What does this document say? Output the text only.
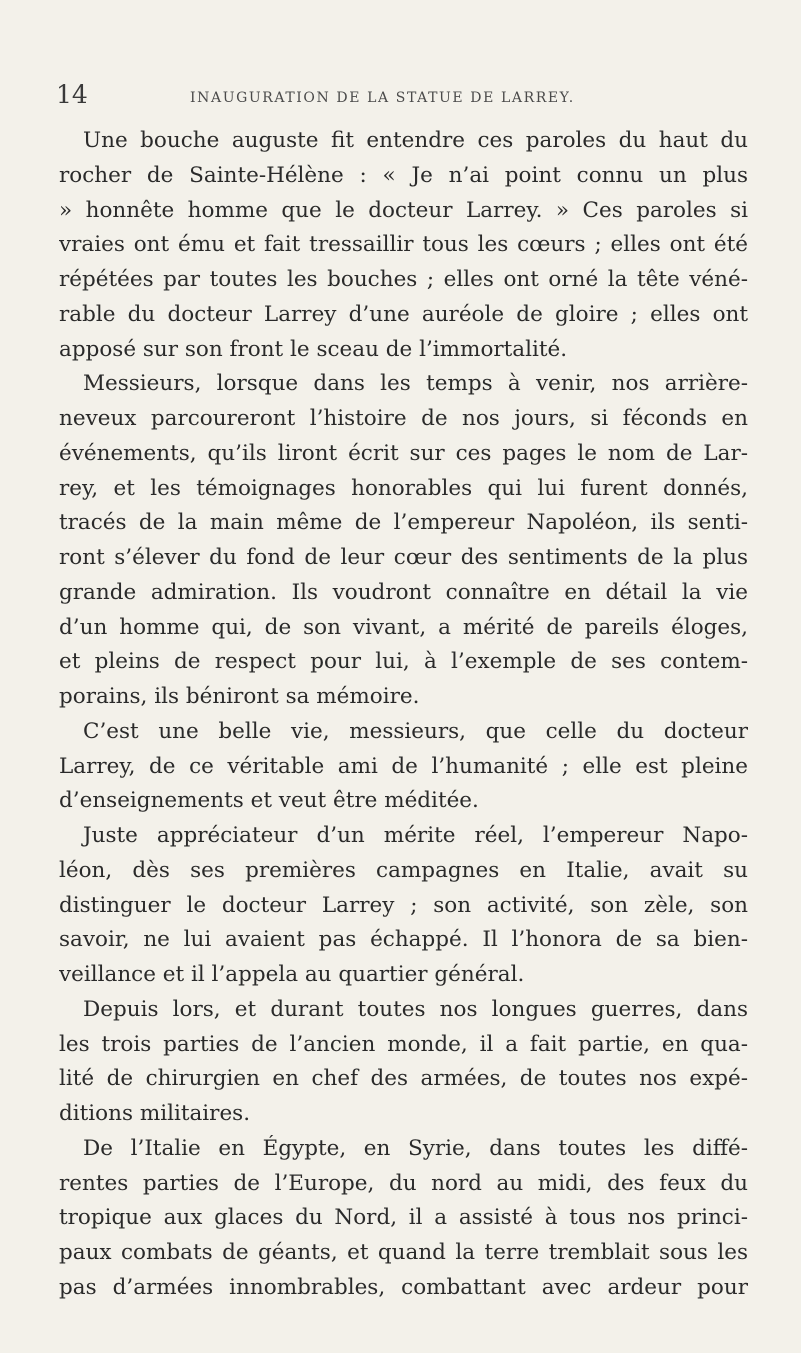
14	INAUGURATION DE LA STATUE DE LARREY.
Une bouche auguste fit entendre ces paroles du haut du
rocher de Sainte-Hélène : « Je n’ai point connu un plus
» honnête homme que le docteur Larrey. » Ces paroles si
vraies ont ému et fait tressaillir tous les cœurs ; elles ont été
répétées par toutes les bouches ; elles ont orné la tête véné-
rable du docteur Larrey d’une auréole de gloire ; elles ont
apposé sur son front le sceau de l’immortalité.
Messieurs, lorsque dans les temps à venir, nos arrière-
neveux parcoureront l’histoire de nos jours, si féconds en
événements, qu’ils liront écrit sur ces pages le nom de Lar-
rey, et les témoignages honorables qui lui furent donnés,
tracés de la main même de l’empereur Napoléon, ils senti-
ront s’élever du fond de leur cœur des sentiments de la plus
grande admiration. Ils voudront connaître en détail la vie
d’un homme qui, de son vivant, a mérité de pareils éloges,
et pleins de respect pour lui, à l’exemple de ses contem-
porains, ils béniront sa mémoire.
C’est une belle vie, messieurs, que celle du docteur
Larrey, de ce véritable ami de l’humanité ; elle est pleine
d’enseignements et veut être méditée.
Juste appréciateur d’un mérite réel, l’empereur Napo-
léon, dès ses premières campagnes en Italie, avait su
distinguer le docteur Larrey ; son activité, son zèle, son
savoir, ne lui avaient pas échappé. Il l’honora de sa bien-
veillance et il l’appela au quartier général.
Depuis lors, et durant toutes nos longues guerres, dans
les trois parties de l’ancien monde, il a fait partie, en qua-
lité de chirurgien en chef des armées, de toutes nos expé-
ditions militaires.
De l’Italie en Égypte, en Syrie, dans toutes les diffé-
rentes parties de l’Europe, du nord au midi, des feux du
tropique aux glaces du Nord, il a assisté à tous nos princi-
paux combats de géants, et quand la terre tremblait sous les
pas d’armées innombrables, combattant avec ardeur pour
